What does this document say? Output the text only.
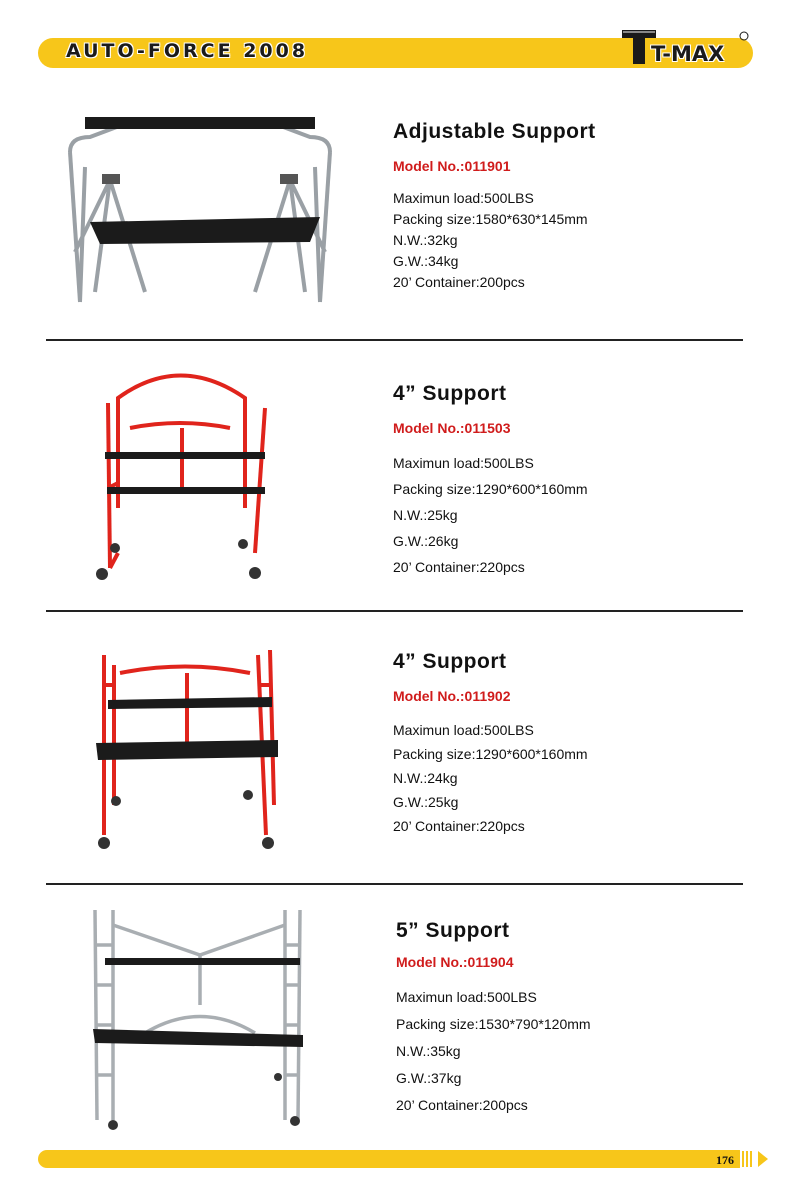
AUTO-FORCE 2008	T-MAX
Adjustable Support
Model No.:011901
Maximun load:500LBS
Packing size:1580*630*145mm
N.W.:32kg
G.W.:34kg
20’ Container:200pcs
4” Support
Model No.:011503
Maximun load:500LBS
Packing size:1290*600*160mm
N.W.:25kg
G.W.:26kg
20’ Container:220pcs
4” Support
Model No.:011902
Maximun load:500LBS
Packing size:1290*600*160mm
N.W.:24kg
G.W.:25kg
20’ Container:220pcs
5” Support
Model No.:011904
Maximun load:500LBS
Packing size:1530*790*120mm
N.W.:35kg
G.W.:37kg
20’ Container:200pcs
176
